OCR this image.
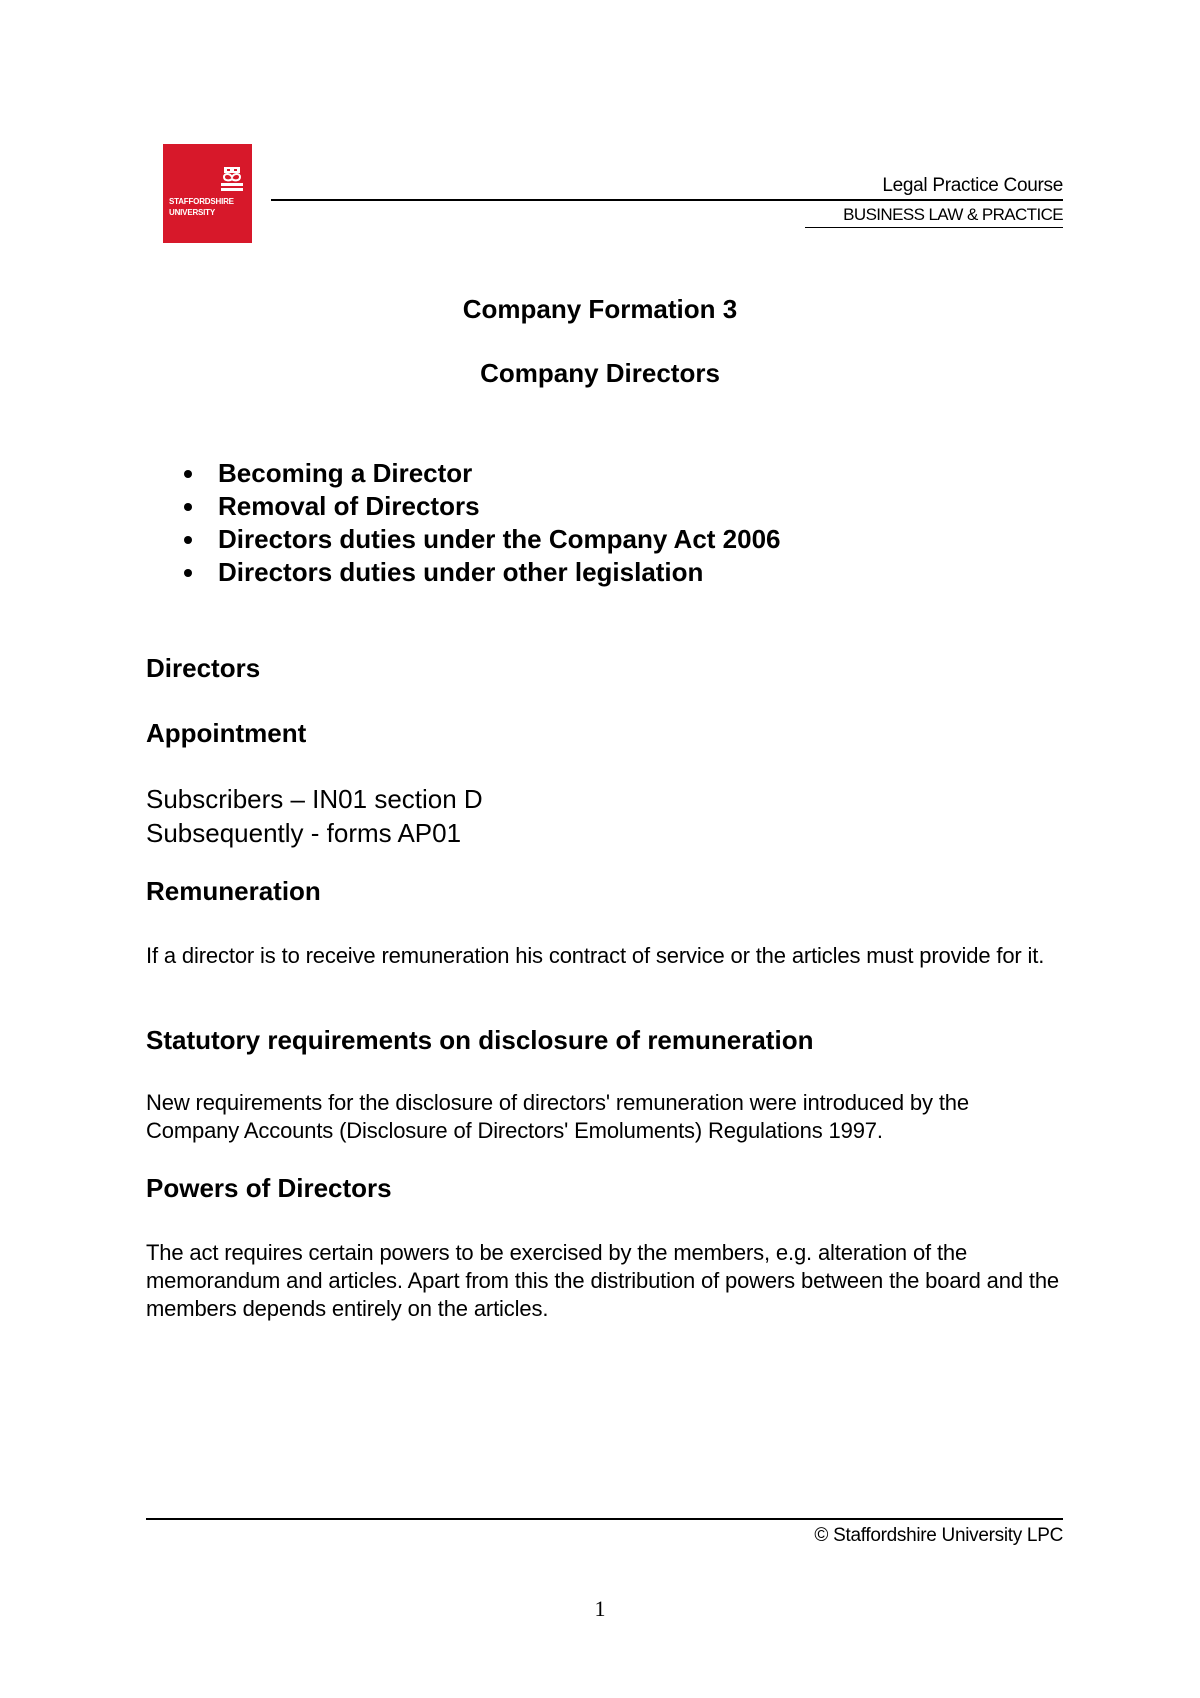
STAFFORDSHIRE
UNIVERSITY
Legal Practice Course
BUSINESS LAW & PRACTICE
Company Formation 3
Company Directors
Becoming a Director
Removal of Directors
Directors duties under the Company Act 2006
Directors duties under other legislation
Directors
Appointment
Subscribers – IN01 section D
Subsequently - forms AP01
Remuneration
If a director is to receive remuneration his contract of service or the articles must provide for it.
Statutory requirements on disclosure of remuneration
New requirements for the disclosure of directors' remuneration were introduced by the Company Accounts (Disclosure of Directors' Emoluments) Regulations 1997.
Powers of Directors
The act requires certain powers to be exercised by the members, e.g. alteration of the memorandum and articles. Apart from this the distribution of powers between the board and the members depends entirely on the articles.
© Staffordshire University LPC
1
